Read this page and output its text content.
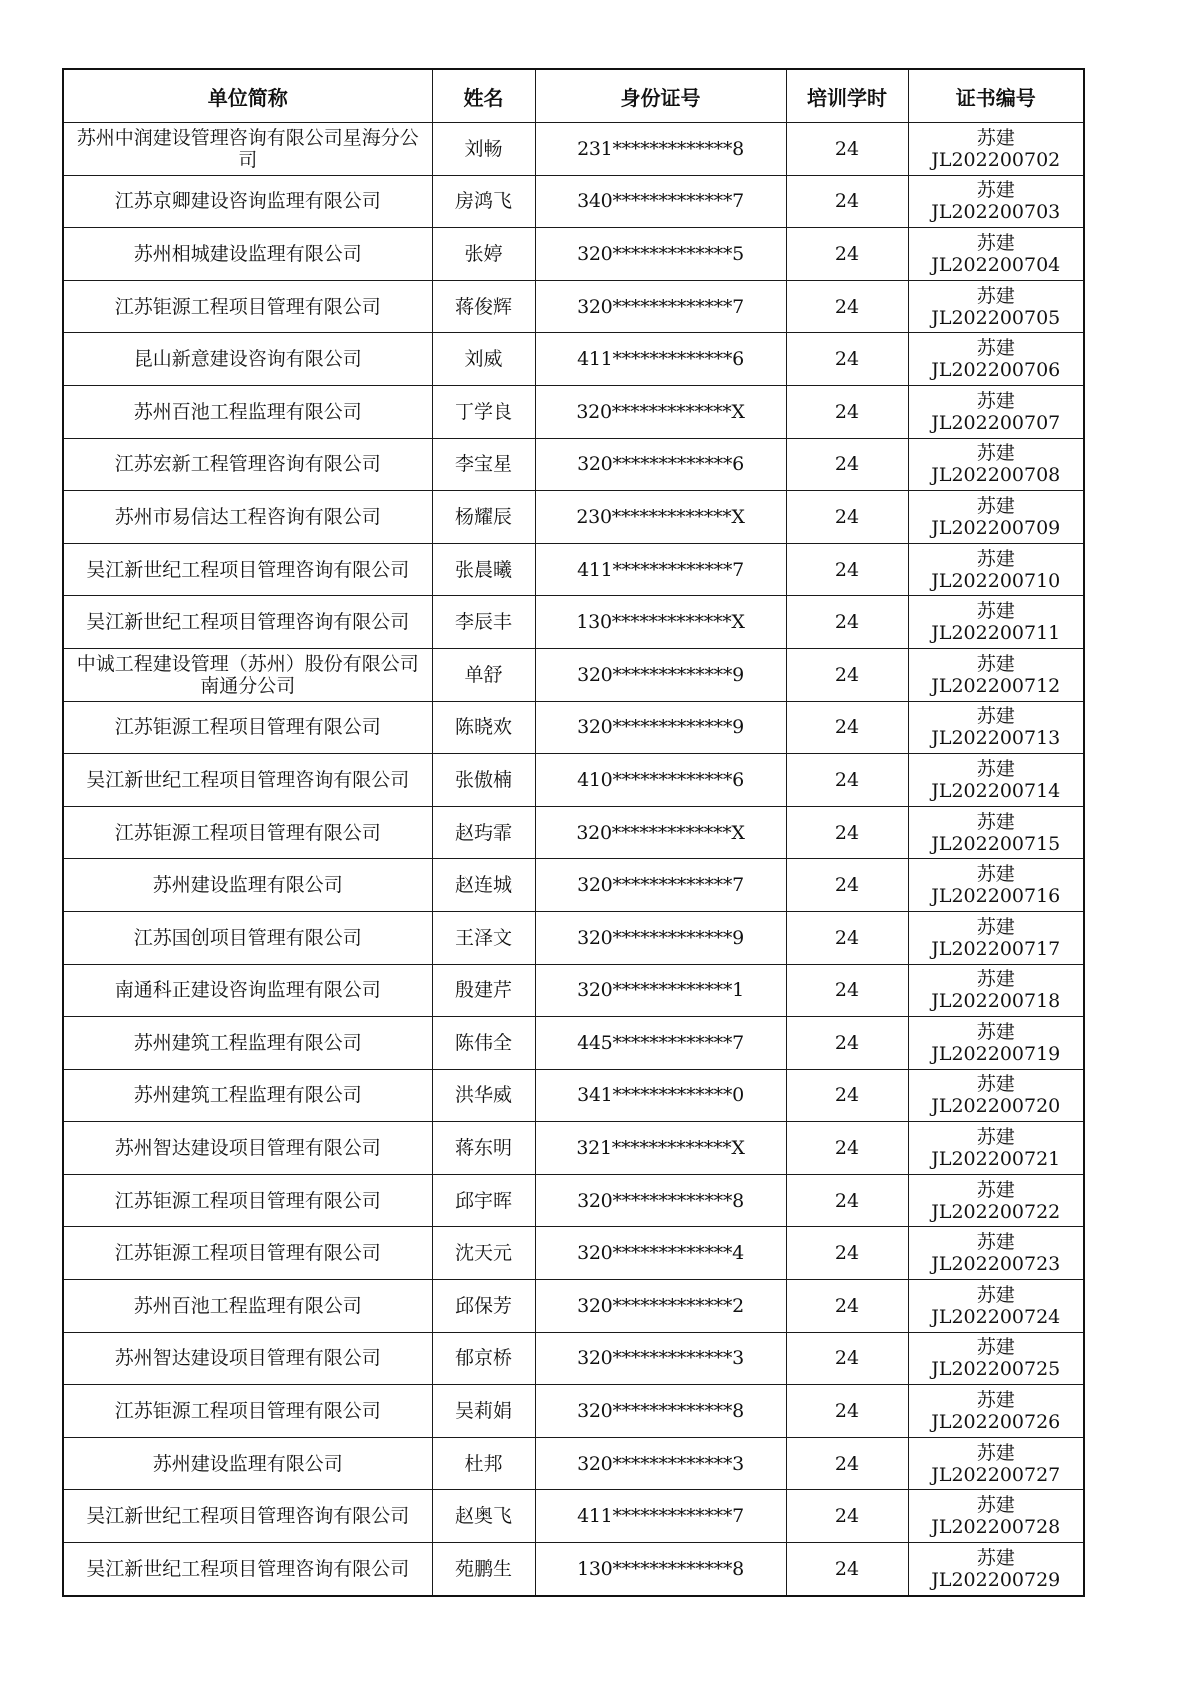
单位简称	姓名	身份证号	培训学时	证书编号
苏州中润建设管理咨询有限公司星海分公司	刘畅	231*************8	24	苏建JL202200702
江苏京卿建设咨询监理有限公司	房鸿飞	340*************7	24	苏建JL202200703
苏州相城建设监理有限公司	张婷	320*************5	24	苏建JL202200704
江苏钜源工程项目管理有限公司	蒋俊辉	320*************7	24	苏建JL202200705
昆山新意建设咨询有限公司	刘威	411*************6	24	苏建JL202200706
苏州百池工程监理有限公司	丁学良	320*************X	24	苏建JL202200707
江苏宏新工程管理咨询有限公司	李宝星	320*************6	24	苏建JL202200708
苏州市易信达工程咨询有限公司	杨耀辰	230*************X	24	苏建JL202200709
吴江新世纪工程项目管理咨询有限公司	张晨曦	411*************7	24	苏建JL202200710
吴江新世纪工程项目管理咨询有限公司	李辰丰	130*************X	24	苏建JL202200711
中诚工程建设管理（苏州）股份有限公司南通分公司	单舒	320*************9	24	苏建JL202200712
江苏钜源工程项目管理有限公司	陈晓欢	320*************9	24	苏建JL202200713
吴江新世纪工程项目管理咨询有限公司	张傲楠	410*************6	24	苏建JL202200714
江苏钜源工程项目管理有限公司	赵玙霏	320*************X	24	苏建JL202200715
苏州建设监理有限公司	赵连城	320*************7	24	苏建JL202200716
江苏国创项目管理有限公司	王泽文	320*************9	24	苏建JL202200717
南通科正建设咨询监理有限公司	殷建芹	320*************1	24	苏建JL202200718
苏州建筑工程监理有限公司	陈伟全	445*************7	24	苏建JL202200719
苏州建筑工程监理有限公司	洪华威	341*************0	24	苏建JL202200720
苏州智达建设项目管理有限公司	蒋东明	321*************X	24	苏建JL202200721
江苏钜源工程项目管理有限公司	邱宇晖	320*************8	24	苏建JL202200722
江苏钜源工程项目管理有限公司	沈天元	320*************4	24	苏建JL202200723
苏州百池工程监理有限公司	邱保芳	320*************2	24	苏建JL202200724
苏州智达建设项目管理有限公司	郁京桥	320*************3	24	苏建JL202200725
江苏钜源工程项目管理有限公司	吴莉娟	320*************8	24	苏建JL202200726
苏州建设监理有限公司	杜邦	320*************3	24	苏建JL202200727
吴江新世纪工程项目管理咨询有限公司	赵奥飞	411*************7	24	苏建JL202200728
吴江新世纪工程项目管理咨询有限公司	苑鹏生	130*************8	24	苏建JL202200729
